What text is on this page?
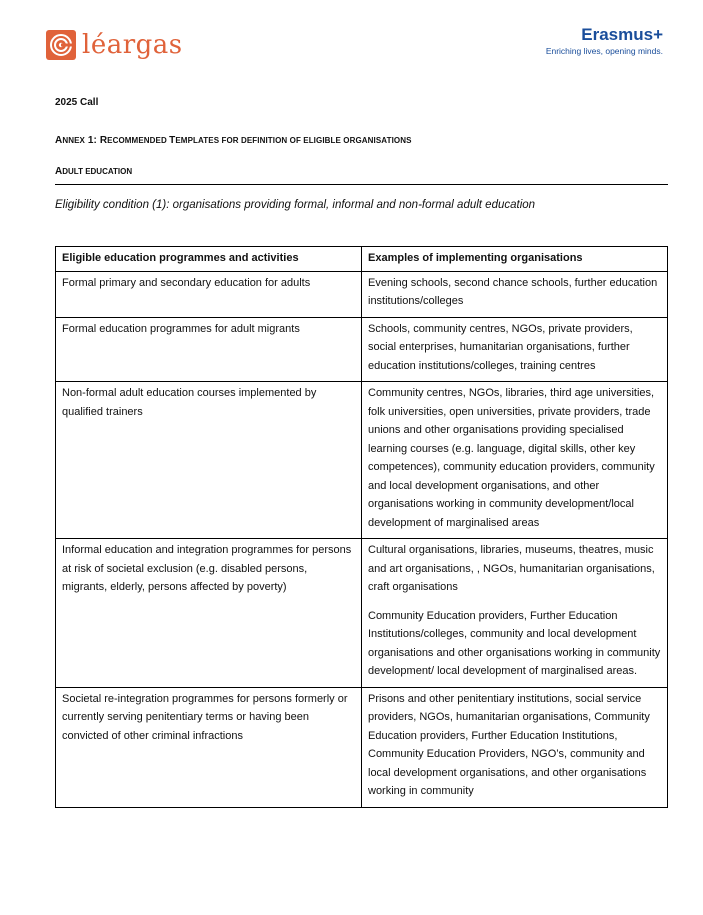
léargas	Erasmus+
Enriching lives, opening minds.
2025 Call
ANNEX 1: RECOMMENDED TEMPLATES FOR DEFINITION OF ELIGIBLE ORGANISATIONS
ADULT EDUCATION
Eligibility condition (1): organisations providing formal, informal and non-formal adult education
Eligible education programmes and activities	Examples of implementing organisations
Formal primary and secondary education for adults	Evening schools, second chance schools, further education institutions/colleges

Formal education programmes for adult migrants	Schools, community centres, NGOs, private providers, social enterprises, humanitarian organisations, further education institutions/colleges, training centres

Non-formal adult education courses implemented by qualified trainers	Community centres, NGOs, libraries, third age universities, folk universities, open universities, private providers, trade unions and other organisations providing specialised learning courses (e.g. language, digital skills, other key competences), community education providers, community and local development organisations, and other organisations working in community development/local development of marginalised areas

Informal education and integration programmes for persons at risk of societal exclusion (e.g. disabled persons, migrants, elderly, persons affected by poverty)	Cultural organisations, libraries, museums, theatres, music and art organisations, , NGOs, humanitarian organisations, craft organisations

Community Education providers, Further Education Institutions/colleges, community and local development organisations and other organisations working in community development/ local development of marginalised areas.

Societal re-integration programmes for persons formerly or currently serving penitentiary terms or having been convicted of other criminal infractions	Prisons and other penitentiary institutions, social service providers, NGOs, humanitarian organisations, Community Education providers, Further Education Institutions, Community Education Providers, NGO’s, community and local development organisations, and other organisations working in community
